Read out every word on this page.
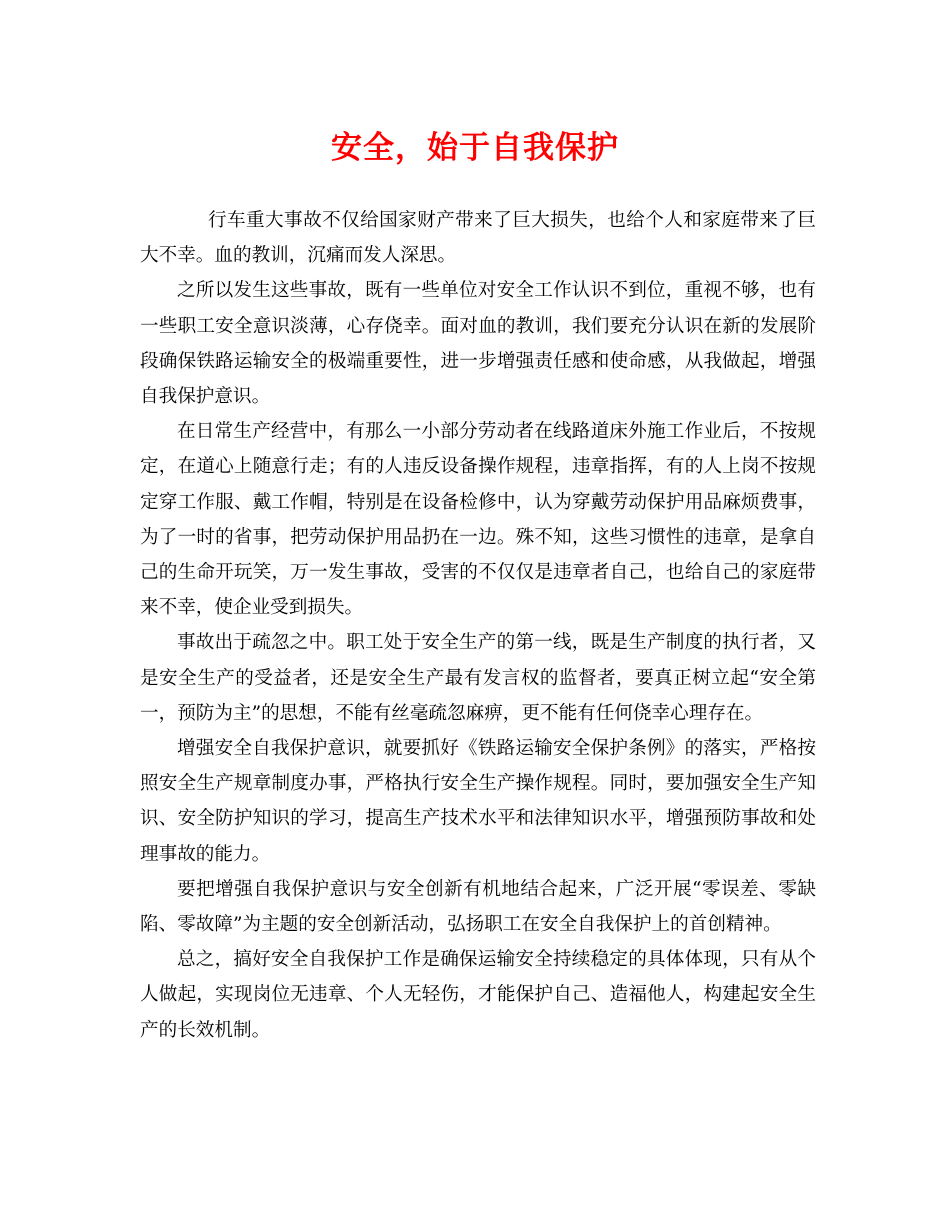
安全，始于自我保护

行车重大事故不仅给国家财产带来了巨大损失，也给个人和家庭带来了巨大不幸。血的教训，沉痛而发人深思。

之所以发生这些事故，既有一些单位对安全工作认识不到位，重视不够，也有一些职工安全意识淡薄，心存侥幸。面对血的教训，我们要充分认识在新的发展阶段确保铁路运输安全的极端重要性，进一步增强责任感和使命感，从我做起，增强自我保护意识。

在日常生产经营中，有那么一小部分劳动者在线路道床外施工作业后，不按规定，在道心上随意行走；有的人违反设备操作规程，违章指挥，有的人上岗不按规定穿工作服、戴工作帽，特别是在设备检修中，认为穿戴劳动保护用品麻烦费事，为了一时的省事，把劳动保护用品扔在一边。殊不知，这些习惯性的违章，是拿自己的生命开玩笑，万一发生事故，受害的不仅仅是违章者自己，也给自己的家庭带来不幸，使企业受到损失。

事故出于疏忽之中。职工处于安全生产的第一线，既是生产制度的执行者，又是安全生产的受益者，还是安全生产最有发言权的监督者，要真正树立起“安全第一，预防为主”的思想，不能有丝毫疏忽麻痹，更不能有任何侥幸心理存在。

增强安全自我保护意识，就要抓好《铁路运输安全保护条例》的落实，严格按照安全生产规章制度办事，严格执行安全生产操作规程。同时，要加强安全生产知识、安全防护知识的学习，提高生产技术水平和法律知识水平，增强预防事故和处理事故的能力。

要把增强自我保护意识与安全创新有机地结合起来，广泛开展“零误差、零缺陷、零故障”为主题的安全创新活动，弘扬职工在安全自我保护上的首创精神。

总之，搞好安全自我保护工作是确保运输安全持续稳定的具体体现，只有从个人做起，实现岗位无违章、个人无轻伤，才能保护自己、造福他人，构建起安全生产的长效机制。
